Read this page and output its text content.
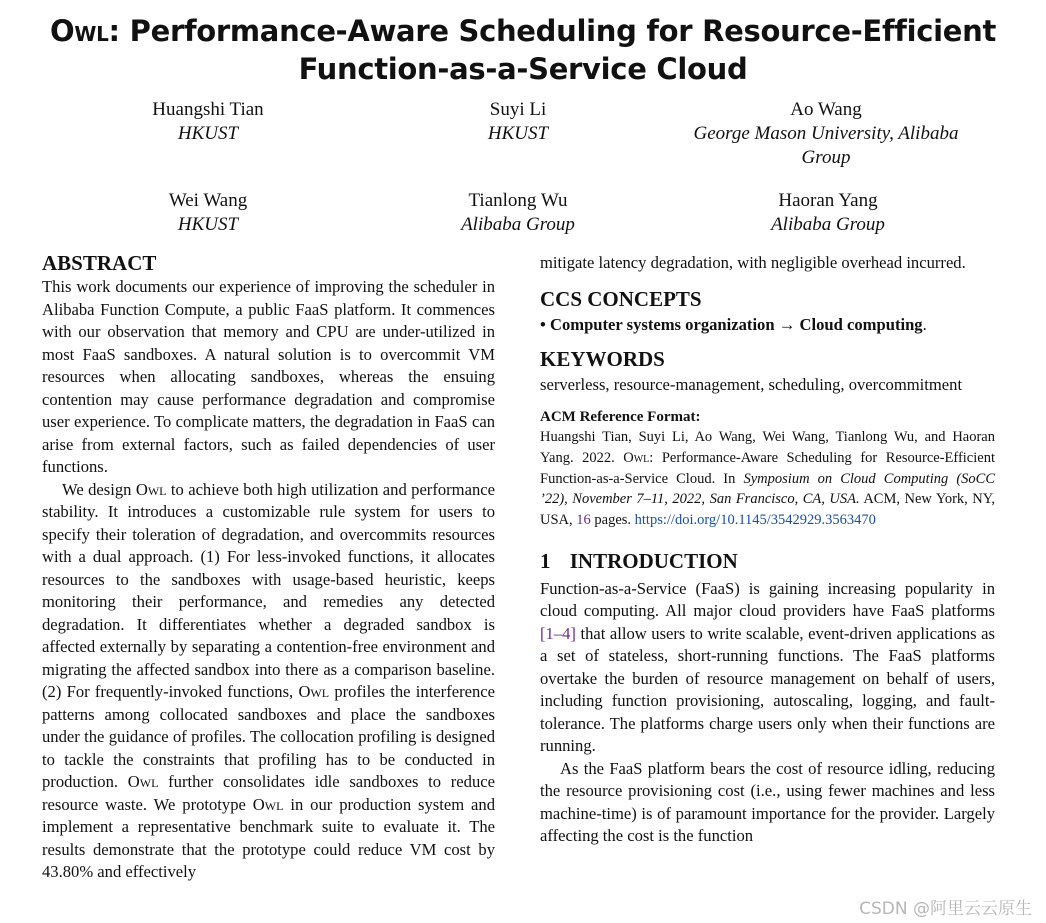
Owl: Performance-Aware Scheduling for Resource-Efficient
Function-as-a-Service Cloud
Huangshi Tian
HKUST
Suyi Li
HKUST
Ao Wang
George Mason University, Alibaba Group
Wei Wang
HKUST
Tianlong Wu
Alibaba Group
Haoran Yang
Alibaba Group
ABSTRACT

This work documents our experience of improving the scheduler in Alibaba Function Compute, a public FaaS platform. It commences with our observation that memory and CPU are under-utilized in most FaaS sandboxes. A natural solution is to overcommit VM resources when allocating sandboxes, whereas the ensuing contention may cause performance degradation and compromise user experience. To complicate matters, the degradation in FaaS can arise from external factors, such as failed dependencies of user functions.

We design Owl to achieve both high utilization and performance stability. It introduces a customizable rule system for users to specify their toleration of degradation, and overcommits resources with a dual approach. (1) For less-invoked functions, it allocates resources to the sandboxes with usage-based heuristic, keeps monitoring their performance, and remedies any detected degradation. It differentiates whether a degraded sandbox is affected externally by separating a contention-free environment and migrating the affected sandbox into there as a comparison baseline. (2) For frequently-invoked functions, Owl profiles the interference patterns among collocated sandboxes and place the sandboxes under the guidance of profiles. The collocation profiling is designed to tackle the constraints that profiling has to be conducted in production. Owl further consolidates idle sandboxes to reduce resource waste. We prototype Owl in our production system and implement a representative benchmark suite to evaluate it. The results demonstrate that the prototype could reduce VM cost by 43.80% and effectively

mitigate latency degradation, with negligible overhead incurred.

CCS CONCEPTS

• Computer systems organization → Cloud computing.

KEYWORDS

serverless, resource-management, scheduling, overcommitment

ACM Reference Format:
Huangshi Tian, Suyi Li, Ao Wang, Wei Wang, Tianlong Wu, and Haoran Yang. 2022. Owl: Performance-Aware Scheduling for Resource-Efficient Function-as-a-Service Cloud. In Symposium on Cloud Computing (SoCC ’22), November 7–11, 2022, San Francisco, CA, USA. ACM, New York, NY, USA, 16 pages. https://doi.org/10.1145/3542929.3563470
1 INTRODUCTION

Function-as-a-Service (FaaS) is gaining increasing popularity in cloud computing. All major cloud providers have FaaS platforms [1–4] that allow users to write scalable, event-driven applications as a set of stateless, short-running functions. The FaaS platforms overtake the burden of resource management on behalf of users, including function provisioning, autoscaling, logging, and fault-tolerance. The platforms charge users only when their functions are running.

As the FaaS platform bears the cost of resource idling, reducing the resource provisioning cost (i.e., using fewer machines and less machine-time) is of paramount importance for the provider. Largely affecting the cost is the function

CSDN @阿里云云原生
